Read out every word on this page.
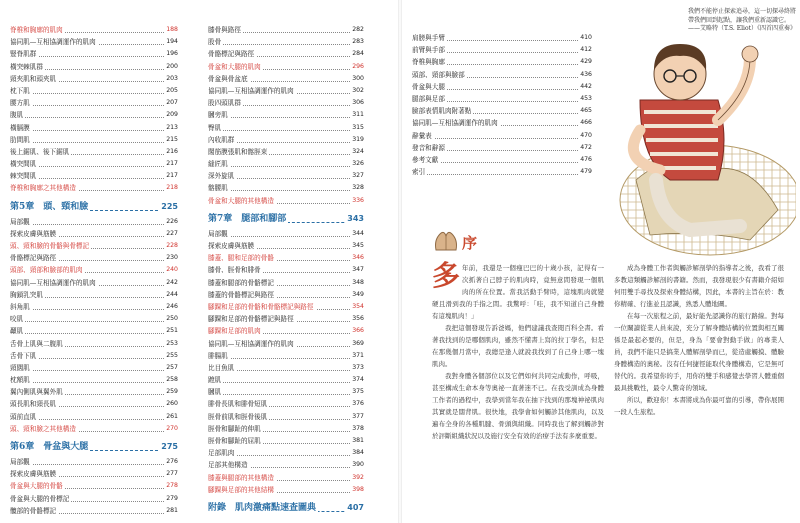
脊椎和胸廓的肌肉	188
協同肌—互相協調運作的肌肉	194
豎脊肌群	196
橫突棘肌群	200
頸夾肌和頭夾肌	203
枕下肌	205
腰方肌	207
腹肌	209
橫膈膜	213
肋間肌	215
後上鋸肌、後下鋸肌	216
橫突間肌	217
棘突間肌	217
脊椎和胸廓之其他構造	218
第5章　頭、頸和臉	225
局部觀	226
探索皮膚與筋膜	227
頭、頸和臉的骨骼與骨標記	228
骨骼標記與路徑	230
頭部、頸部和臉部的肌肉	240
協同肌—互相協調運作的肌肉	242
胸鎖乳突肌	244
斜角肌	246
咬肌	250
顳肌	251
舌骨上肌與二腹肌	253
舌骨下肌	255
頸闊肌	257
枕額肌	258
翼內側肌與翼外肌	259
頭長肌和頸長肌	260
頭前直肌	261
頭、頸和臉之其他構造	270
第6章　骨盆與大腿	275
局部觀	276
探索皮膚與筋膜	277
骨盆與大腿的骨骼	278
骨盆與大腿的骨標記	279
髖部的骨骼標記	281
膝骨與路徑	282
股骨	283
骨骼標記與路徑	284
骨盆和大腿的肌肉	296
骨盆與骨盆底	300
協同肌—互相協調運作的肌肉	302
股四頭肌群	306
膕旁肌	311
臀肌	315
內收肌群	319
闊筋膜張肌和髂脛束	324
縫匠肌	326
深外旋肌	327
髂腰肌	328
骨盆和大腿的其他構造	336
第7章　腿部和腳部	343
局部觀	344
探索皮膚與筋膜	345
膝蓋、腿和足部的骨骼	346
膝骨、脛骨和腓骨	347
膝蓋和腿部的骨骼標記	348
膝蓋的骨骼標記與路徑	349
腳踝和足部的骨骼和骨骼標記與路徑	354
腳踝和足部的骨骼標記與路徑	356
腳踝和足部的肌肉	366
協同肌—互相協調運作的肌肉	369
腓腸肌	371
比目魚肌	373
蹠肌	374
膕肌	375
腓骨長肌和腓骨短肌	376
脛骨前肌和脛骨後肌	377
脛骨和腳趾的伸肌	378
脛骨和腳趾的屈肌	381
足部肌肉	384
足部其他構造	390
膝蓋與腿部的其他構造	392
腳踝與足部的其他結構	398
附錄　肌肉激痛點速查圖典	407
肩膀與手臂	410
前臂與手部	412
脊椎與胸廓	429
頭部、頸部與臉部	436
骨盆與大腿	442
腿部與足部	453
臉部表情肌肉附著點	465
協同肌—互相協調運作的肌肉	466
辭彙表	470
發音和辭源	472
參考文獻	476
索引	479
我們不能停止探索追尋，這一切探尋終將帶我們回到起點，讓我們重新認識它。
——艾略特（T.S. Eliot）《四首四重奏》
序

多年前，我還是一個瘦巴巴的十歲小孩，記得有一次抓著自己脖子的肌肉時，竟無意間發現一個肌肉的所在位置。當我活動手臂時，這塊肌肉就變硬且滑到我的手指之間。我驚呼：「哇，我不知道自己身體有這塊肌肉！」

我把這個發現告訴爸媽，他們建議我查閱百科全書。看著我找到的是哪個肌肉，雖然不懂書上寫的拉丁學名，但是在那幾個月當中，我總是逢人就說我找到了自己身上哪一塊肌肉。

我對身體各個部位以及它們如何共同完成動作，呼吸，甚至構成生命本身等奧祕一直著迷不已。在我受訓成為身體工作者的過程中，我學到當年我在抽下找到的那塊神祕肌肉其實就是闊背肌。很快地，我學會如何觸診其他肌肉，以及遍布全身的各種肌腱、骨頭與組織。同時我也了解到觸診對於評斷組織狀況以及施行安全有效的治療手法有多麼重要。

成為身體工作者與觸診解剖學的指導者之後，我看了很多教這類觸診解剖的書籍。然而，我發現很少有書籍介紹如何用雙手尋找及探索身體結構，因此，本書的主旨在於：教你精確、行進並且認識，熟悉人體地圖。

在每一次旅程之前，最好能先認識你的旅行路線。對每一位關讀從業人員來說，充分了解身體結構的位置與相互關係是最起必要的，但是，身為「要會對動手做」的專業人員，我們不能只是搞業人體解剖學而已，從造處觸摸、體驗身體構造的奧秘。沒有任何捷徑能取代身體構造，它是無可替代的。我希望你的手，用你的雙手和感覺去學習人體重個最具挑戰性，最令人驚奇的領域。

所以，歡迎你！本書將成為你最可靠的引導，帶你展開一段人生旅程。
